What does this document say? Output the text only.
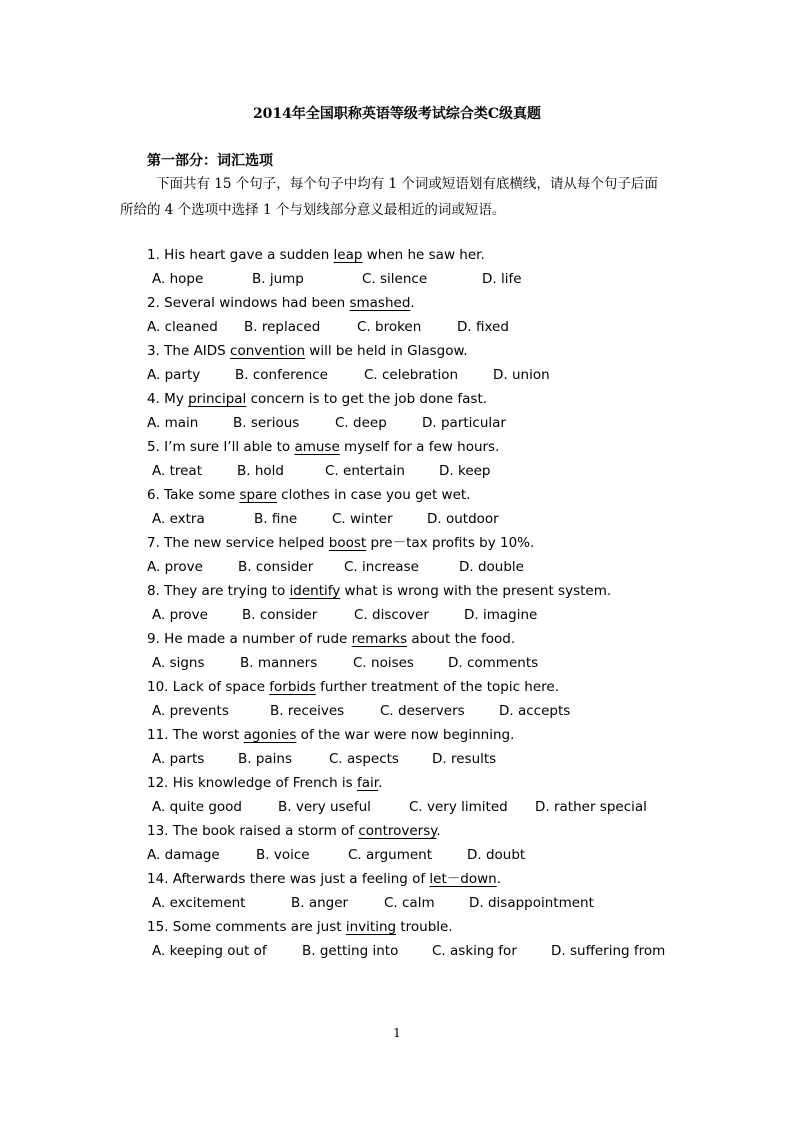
2014年全国职称英语等级考试综合类C级真题
第一部分：词汇选项
下面共有 15 个句子，每个句子中均有 1 个词或短语划有底横线，请从每个句子后面
所给的 4 个选项中选择 1 个与划线部分意义最相近的词或短语。
1. His heart gave a sudden leap when he saw her.
A. hope	B. jump	C. silence	D. life
2. Several windows had been smashed.
A. cleaned B. replaced	C. broken	D. fixed
3. The AIDS convention will be held in Glasgow.
A. party	B. conference	C. celebration	D. union
4. My principal concern is to get the job done fast.
A. main	B. serious	C. deep	D. particular
5. I’m sure I’ll able to amuse myself for a few hours.
A. treat	B. hold	C. entertain	D. keep
6. Take some spare clothes in case you get wet.
A. extra	B. fine	C. winter	D. outdoor
7. The new service helped boost pre－tax profits by 10%.
A. prove	B. consider C. increase	D. double
8. They are trying to identify what is wrong with the present system.
A. prove	B. consider	C. discover	D. imagine
9. He made a number of rude remarks about the food.
A. signs	B. manners	C. noises	D. comments
10. Lack of space forbids further treatment of the topic here.
A. prevents	B. receives	C. deservers	D. accepts
11. The worst agonies of the war were now beginning.
A. parts B. pains	C. aspects D. results
12. His knowledge of French is fair.
A. quite good	B. very useful	C. very limited D. rather special
13. The book raised a storm of controversy.
A. damage	B. voice	C. argument	D. doubt
14. Afterwards there was just a feeling of let－down.
A. excitement	B. anger	C. calm	D. disappointment
15. Some comments are just inviting trouble.
A. keeping out of	B. getting into C. asking for	D. suffering from
1
